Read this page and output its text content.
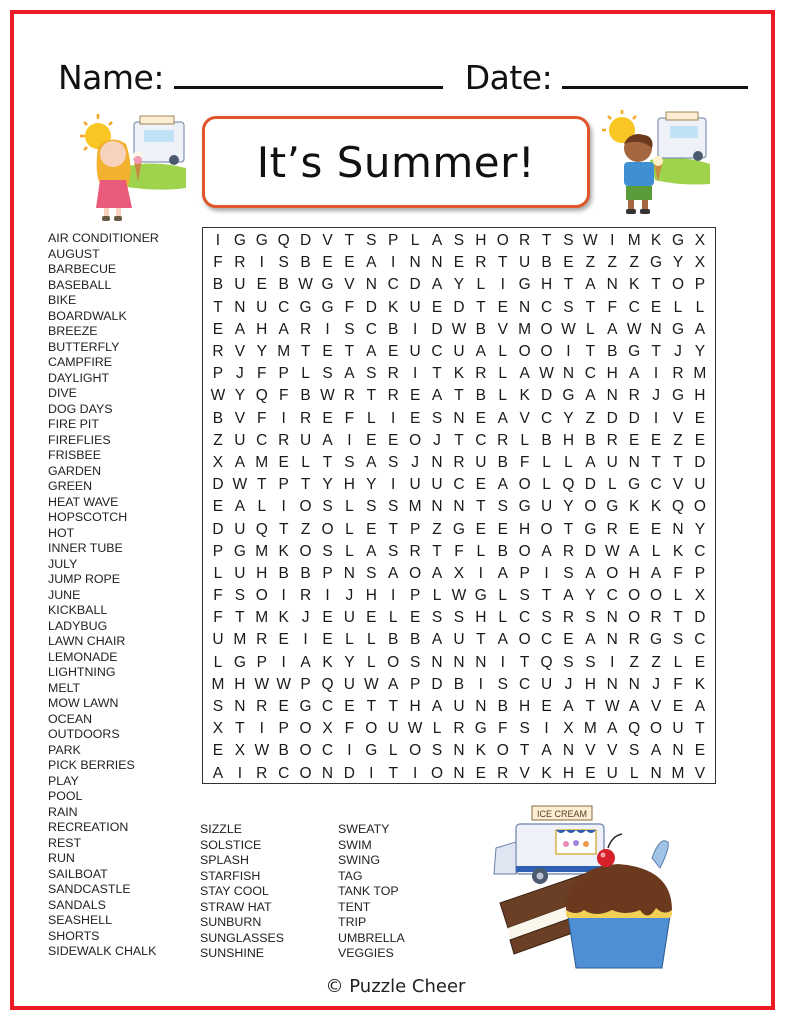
Name:	Date:
It’s Summer!
AIR CONDITIONER
AUGUST
BARBECUE
BASEBALL
BIKE
BOARDWALK
BREEZE
BUTTERFLY
CAMPFIRE
DAYLIGHT
DIVE
DOG DAYS
FIRE PIT
FIREFLIES
FRISBEE
GARDEN
GREEN
HEAT WAVE
HOPSCOTCH
HOT
INNER TUBE
JULY
JUMP ROPE
JUNE
KICKBALL
LADYBUG
LAWN CHAIR
LEMONADE
LIGHTNING
MELT
MOW LAWN
OCEAN
OUTDOORS
PARK
PICK BERRIES
PLAY
POOL
RAIN
RECREATION
REST
RUN
SAILBOAT
SANDCASTLE
SANDALS
SEASHELL
SHORTS
SIDEWALK CHALK
I G G Q D V T S P L A S H O R T S W I M K G X
F R I S B E E A I N N E R T U B E Z Z Z G Y X
B U E B W G V N C D A Y L I G H T A N K T O P
T N U C G G F D K U E D T E N C S T F C E L L
E A H A R I S C B I D W B V M O W L A W N G A
R V Y M T E T A E U C U A L O O I T B G T J Y
P J F P L S A S R I T K R L A W N C H A I R M
W Y Q F B W R T R E A T B L K D G A N R J G H
B V F I R E F L I E S N E A V C Y Z D D I V E
Z U C R U A I E E O J T C R L B H B R E E Z E
X A M E L T S A S J N R U B F L L A U N T T D
D W T P T Y H Y I U U C E A O L Q D L G C V U
E A L I O S L S S M N N T S G U Y O G K K Q O
D U Q T Z O L E T P Z G E E H O T G R E E N Y
P G M K O S L A S R T F L B O A R D W A L K C
L U H B B P N S A O A X I A P I S A O H A F P
F S O I R I	J H I P L W G L S T A Y C O O L X
F T M K J E U E L E S S H L C S R S N O R T D
U M R E I E L L B B A U T A O C E A N R G S C
L G P I A K Y L O S N N N I T Q S S I Z Z L E
M H W W P Q U W A P D B I S C U J H N N J F K
S N R E G C E T T H A U N B H E A T W A V E A
X T I P O X F O U W L R G F S I X M A Q O U T
E X W B O C I G L O S N K O T A N V V S A N E
A I R C O N D I T I O N E R V K H E U L N M V
SIZZLE
SOLSTICE
SPLASH
STARFISH
STAY COOL
STRAW HAT
SUNBURN
SUNGLASSES
SUNSHINE
SWEATY
SWIM
SWING
TAG
TANK TOP
TENT
TRIP
UMBRELLA
VEGGIES
ICE CREAM
© Puzzle Cheer
